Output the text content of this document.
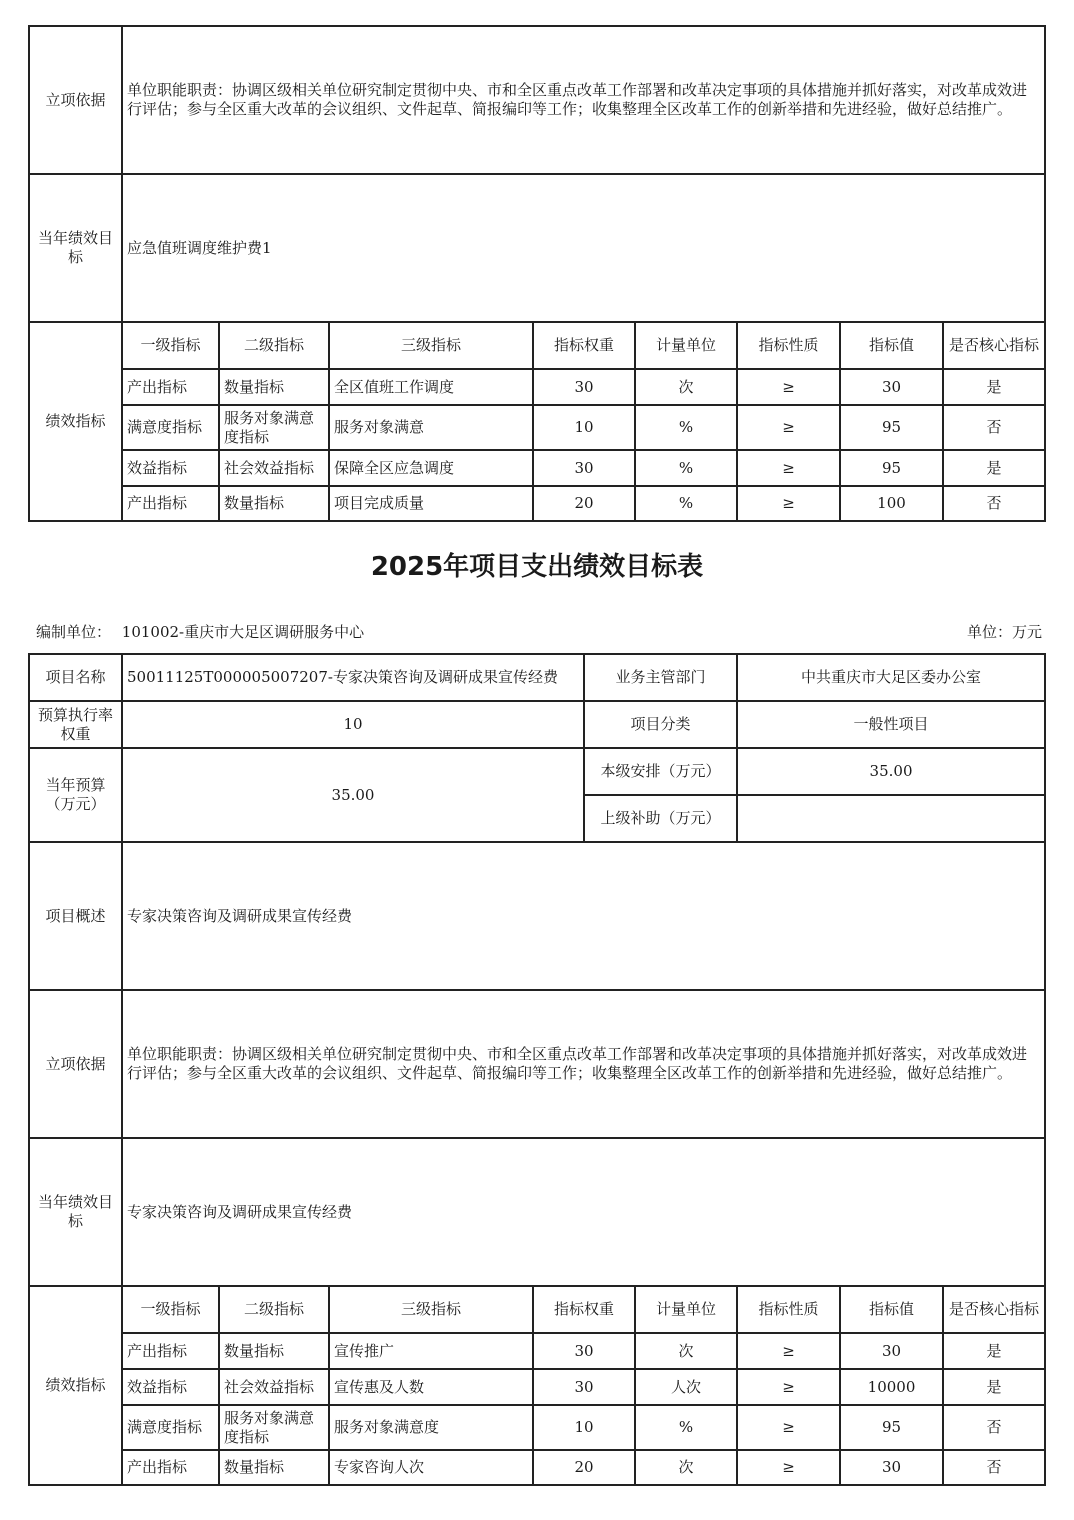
立项依据	单位职能职责：协调区级相关单位研究制定贯彻中央、市和全区重点改革工作部署和改革决定事项的具体措施并抓好落实，对改革成效进行评估；参与全区重大改革的会议组织、文件起草、简报编印等工作；收集整理全区改革工作的创新举措和先进经验，做好总结推广。							
当年绩效目标	应急值班调度维护费1							
绩效指标	一级指标	二级指标	三级指标	指标权重	计量单位	指标性质	指标值	是否核心指标
	产出指标	数量指标	全区值班工作调度	30	次	≥	30	是
	满意度指标	服务对象满意度指标	服务对象满意	10	%	≥	95	否
	效益指标	社会效益指标	保障全区应急调度	30	%	≥	95	是
	产出指标	数量指标	项目完成质量	20	%	≥	100	否
2025年项目支出绩效目标表
编制单位： 101002-重庆市大足区调研服务中心	单位：万元
项目名称	50011125T000005007207-专家决策咨询及调研成果宣传经费				业务主管部门		中共重庆市大足区委办公室		
预算执行率权重	10				项目分类		一般性项目		
当年预算（万元）	35.00				本级安排（万元）		35.00		
					上级补助（万元）				
项目概述	专家决策咨询及调研成果宣传经费								
立项依据	单位职能职责：协调区级相关单位研究制定贯彻中央、市和全区重点改革工作部署和改革决定事项的具体措施并抓好落实，对改革成效进行评估；参与全区重大改革的会议组织、文件起草、简报编印等工作；收集整理全区改革工作的创新举措和先进经验，做好总结推广。								
当年绩效目标	专家决策咨询及调研成果宣传经费								
绩效指标	一级指标	二级指标	三级指标	指标权重		计量单位	指标性质	指标值	是否核心指标
	产出指标	数量指标	宣传推广	30		次	≥	30	是
	效益指标	社会效益指标	宣传惠及人数	30		人次	≥	10000	是
	满意度指标	服务对象满意度指标	服务对象满意度	10		%	≥	95	否
	产出指标	数量指标	专家咨询人次	20		次	≥	30	否
